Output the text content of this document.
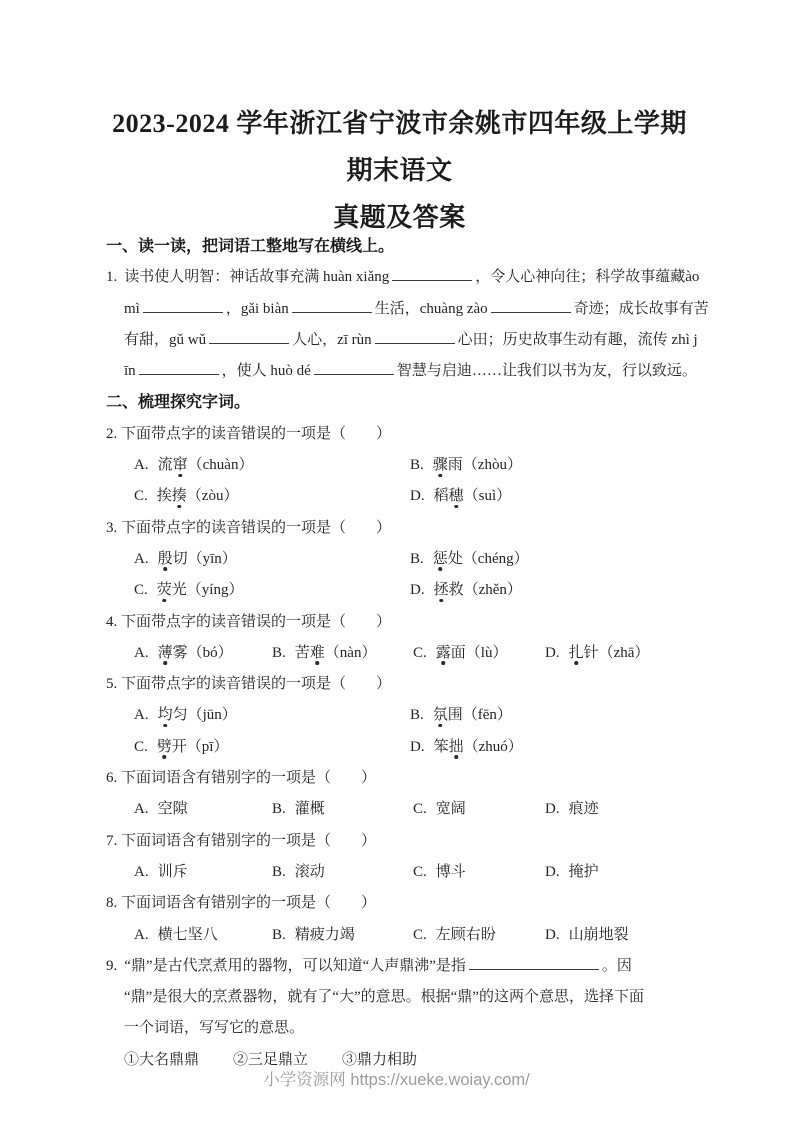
2023-2024 学年浙江省宁波市余姚市四年级上学期期末语文
真题及答案
一、读一读，把词语工整地写在横线上。
1. 读书使人明智：神话故事充满 huàn xiǎng	，令人心神向往；科学故事蕴藏ào
mì	，gǎi biàn	生活，chuàng zào	奇迹；成长故事有苦
有甜，gǔ wǔ	人心，zī rùn	心田；历史故事生动有趣，流传 zhì j
īn	，使人 huò dé	智慧与启迪……让我们以书为友，行以致远。
二、梳理探究字词。
2. 下面带点字的读音错误的一项是（　　）
A. 流窜（chuàn）	B. 骤雨（zhòu）
C. 挨揍（zòu）	D. 稻穗（suì）
3. 下面带点字的读音错误的一项是（　　）
A. 殷切（yīn）	B. 惩处（chéng）
C. 荧光（yíng）	D. 拯救（zhěn）
4. 下面带点字的读音错误的一项是（　　）
A. 薄雾（bó）	B. 苦难（nàn）	C. 露面（lù）	D. 扎针（zhā）
5. 下面带点字的读音错误的一项是（　　）
A. 均匀（jūn）	B. 氛围（fēn）
C. 劈开（pī）	D. 笨拙（zhuó）
6. 下面词语含有错别字的一项是（　　）
A. 空隙	B. 灌概	C. 宽阔	D. 痕迹
7. 下面词语含有错别字的一项是（　　）
A. 训斥	B. 滚动	C. 博斗	D. 掩护
8. 下面词语含有错别字的一项是（　　）
A. 横七坚八	B. 精疲力竭	C. 左顾右盼	D. 山崩地裂
9. “鼎”是古代烹煮用的器物，可以知道“人声鼎沸”是指	。因
“鼎”是很大的烹煮器物，就有了“大”的意思。根据“鼎”的这两个意思，选择下面
一个词语，写写它的意思。
①大名鼎鼎 ②三足鼎立 ③鼎力相助
小学资源网 https://xueke.woiay.com/
